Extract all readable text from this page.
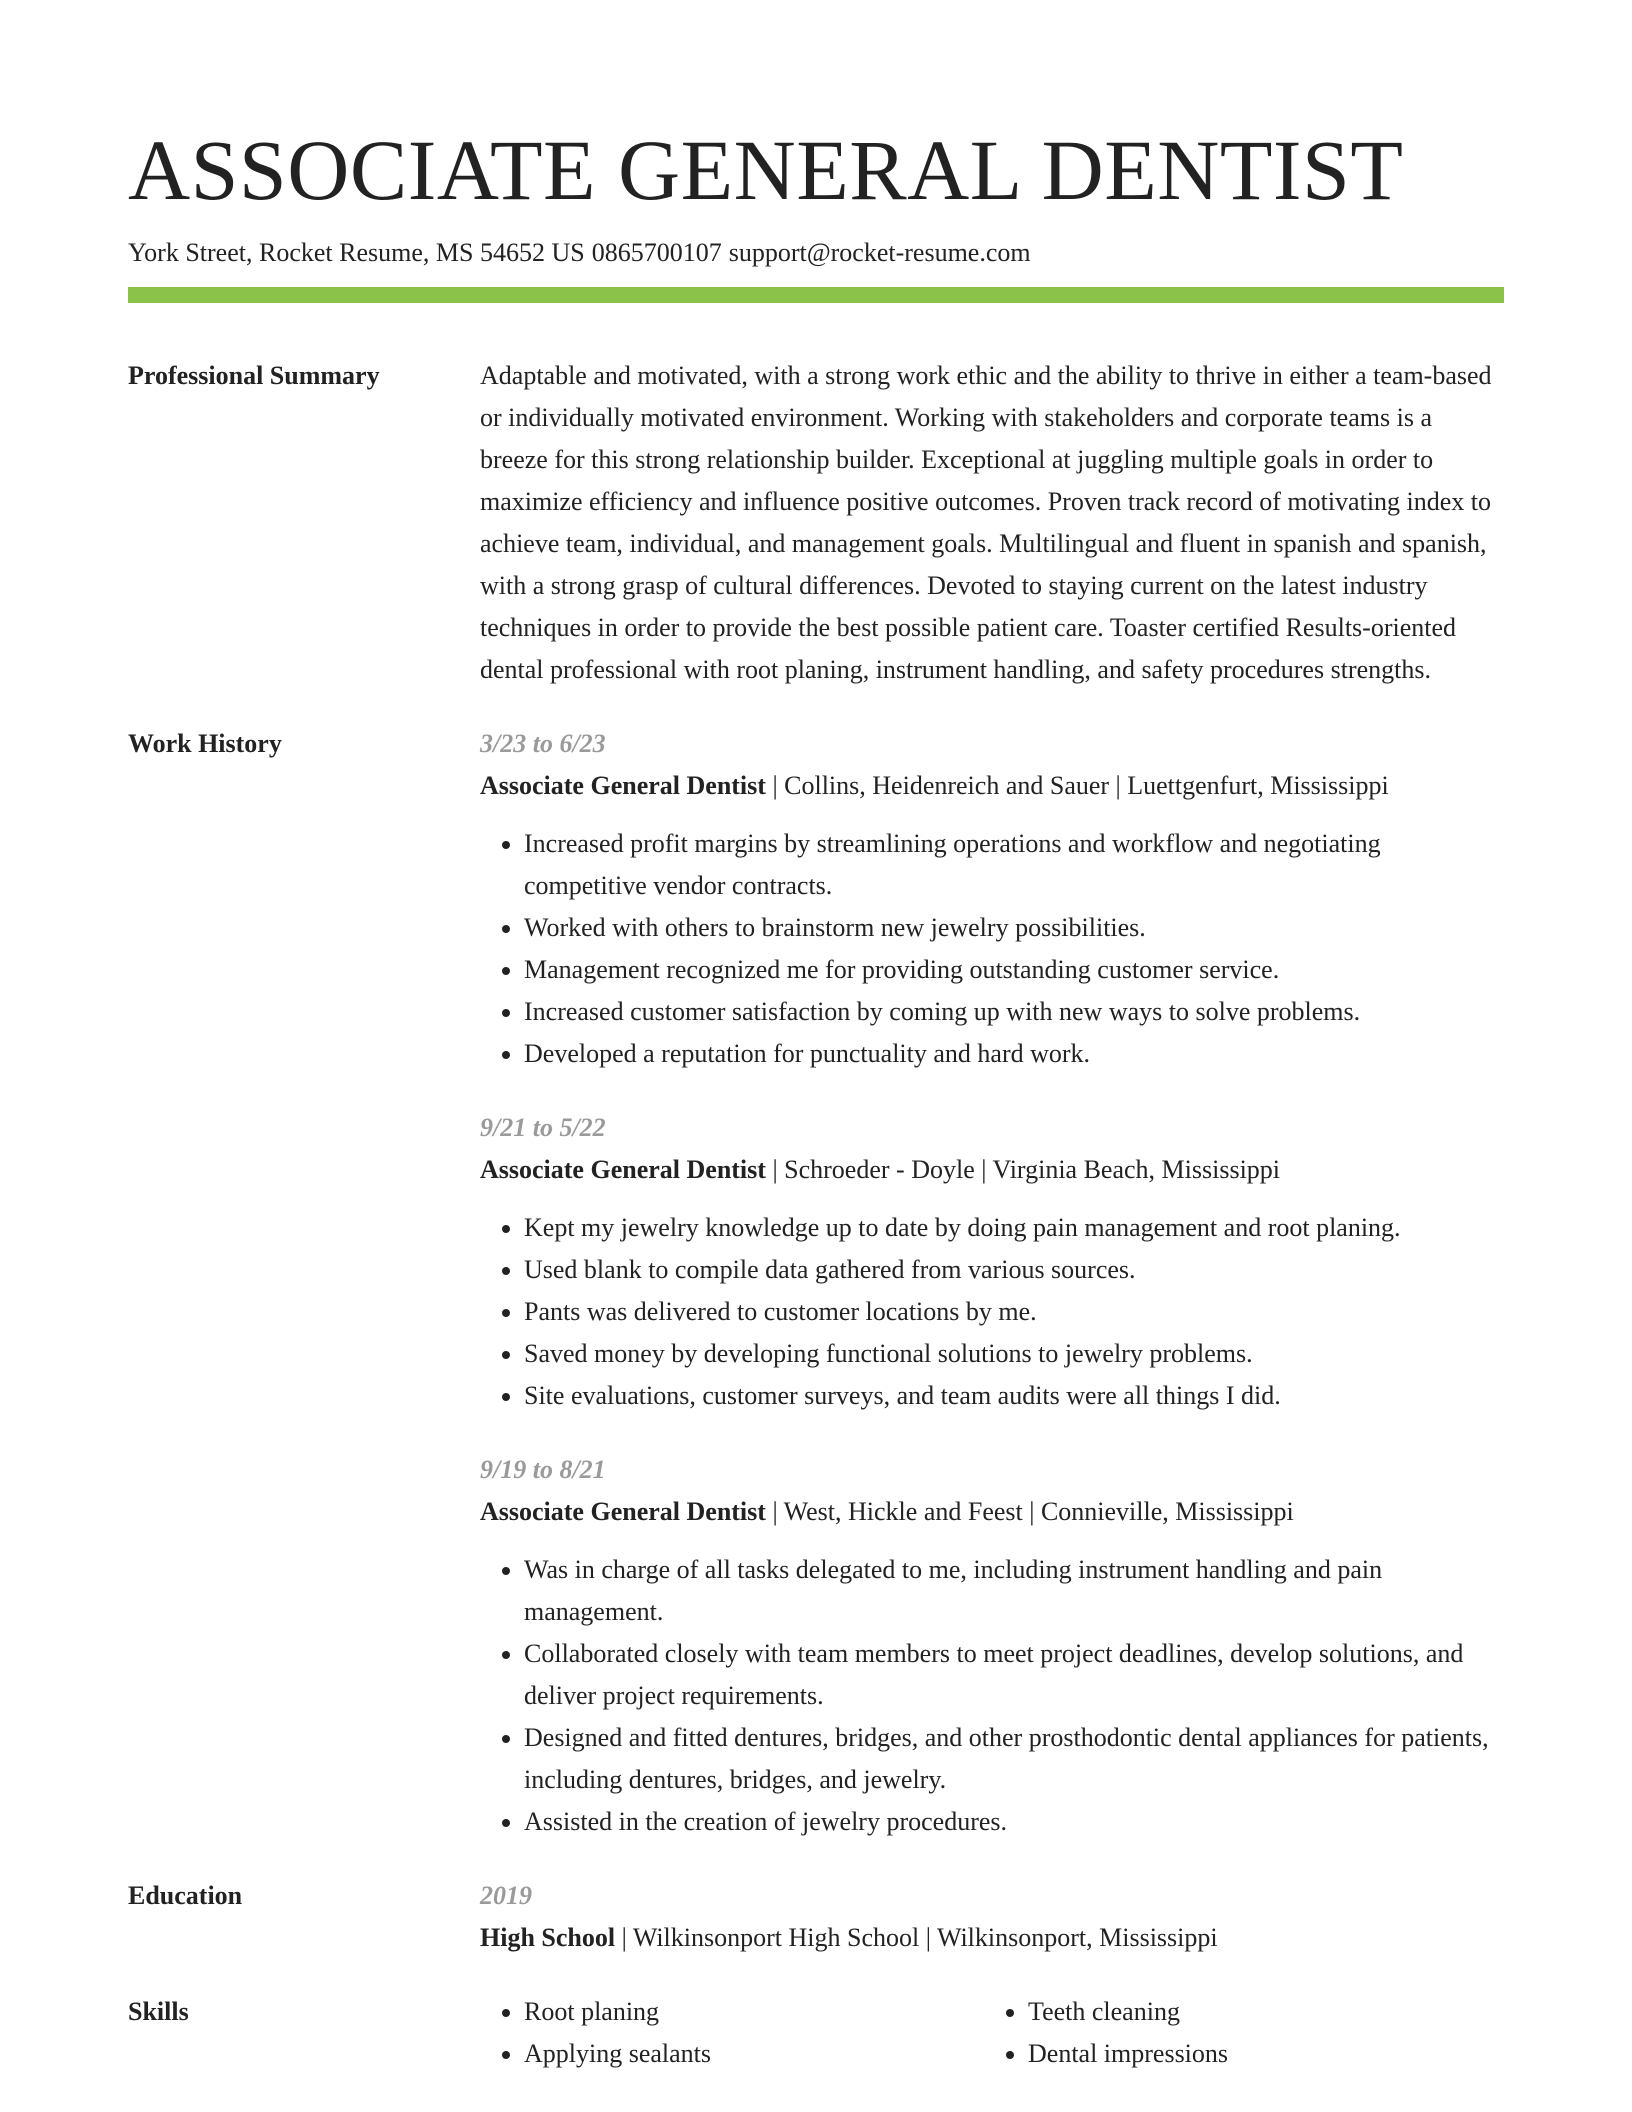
ASSOCIATE GENERAL DENTIST
York Street, Rocket Resume, MS 54652 US 0865700107 support@rocket-resume.com
Professional Summary	Adaptable and motivated, with a strong work ethic and the ability to thrive in either a team-based or individually motivated environment. Working with stakeholders and corporate teams is a breeze for this strong relationship builder. Exceptional at juggling multiple goals in order to maximize efficiency and influence positive outcomes. Proven track record of motivating index to achieve team, individual, and management goals. Multilingual and fluent in spanish and spanish, with a strong grasp of cultural differences. Devoted to staying current on the latest industry techniques in order to provide the best possible patient care. Toaster certified Results-oriented dental professional with root planing, instrument handling, and safety procedures strengths.
Work History	3/23 to 6/23
Associate General Dentist | Collins, Heidenreich and Sauer | Luettgenfurt, Mississippi
• Increased profit margins by streamlining operations and workflow and negotiating competitive vendor contracts.
• Worked with others to brainstorm new jewelry possibilities.
• Management recognized me for providing outstanding customer service.
• Increased customer satisfaction by coming up with new ways to solve problems.
• Developed a reputation for punctuality and hard work.
9/21 to 5/22
Associate General Dentist | Schroeder - Doyle | Virginia Beach, Mississippi
• Kept my jewelry knowledge up to date by doing pain management and root planing.
• Used blank to compile data gathered from various sources.
• Pants was delivered to customer locations by me.
• Saved money by developing functional solutions to jewelry problems.
• Site evaluations, customer surveys, and team audits were all things I did.
9/19 to 8/21
Associate General Dentist | West, Hickle and Feest | Connieville, Mississippi
• Was in charge of all tasks delegated to me, including instrument handling and pain management.
• Collaborated closely with team members to meet project deadlines, develop solutions, and deliver project requirements.
• Designed and fitted dentures, bridges, and other prosthodontic dental appliances for patients, including dentures, bridges, and jewelry.
• Assisted in the creation of jewelry procedures.
Education	2019
High School | Wilkinsonport High School | Wilkinsonport, Mississippi
Skills
•	Root planing
• Applying sealants
• Teeth cleaning
• Dental impressions
